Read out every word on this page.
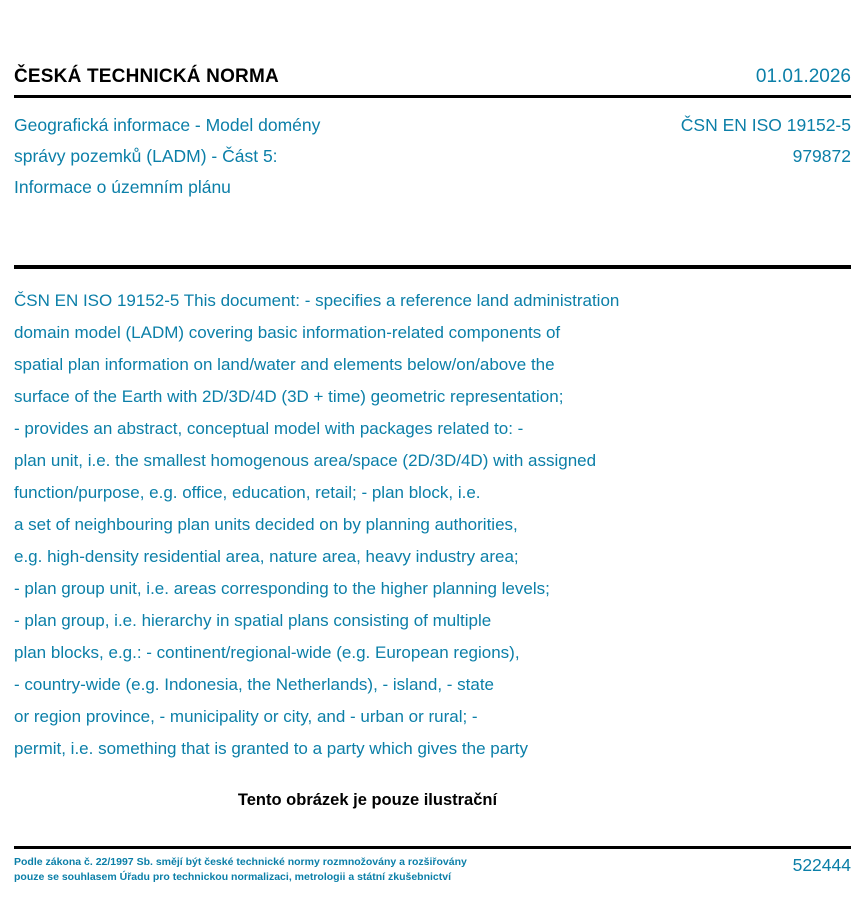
ČESKÁ TECHNICKÁ NORMA	01.01.2026
Geografická informace - Model domény
správy pozemků (LADM) - Část 5:
Informace o územním plánu
ČSN EN ISO 19152-5
979872
ČSN EN ISO 19152-5 This document: - specifies a reference land administration
domain model (LADM) covering basic information-related components of
spatial plan information on land/water and elements below/on/above the
surface of the Earth with 2D/3D/4D (3D + time) geometric representation;
- provides an abstract, conceptual model with packages related to: -
plan unit, i.e. the smallest homogenous area/space (2D/3D/4D) with assigned
function/purpose, e.g. office, education, retail; - plan block, i.e.
a set of neighbouring plan units decided on by planning authorities,
e.g. high-density residential area, nature area, heavy industry area;
- plan group unit, i.e. areas corresponding to the higher planning levels;
- plan group, i.e. hierarchy in spatial plans consisting of multiple
plan blocks, e.g.: - continent/regional-wide (e.g. European regions),
- country-wide (e.g. Indonesia, the Netherlands), - island, - state
or region province, - municipality or city, and - urban or rural; -
permit, i.e. something that is granted to a party which gives the party
Tento obrázek je pouze ilustrační
Podle zákona č. 22/1997 Sb. smějí být české technické normy rozmnožovány a rozšiřovány
pouze se souhlasem Úřadu pro technickou normalizaci, metrologii a státní zkušebnictví
522444
